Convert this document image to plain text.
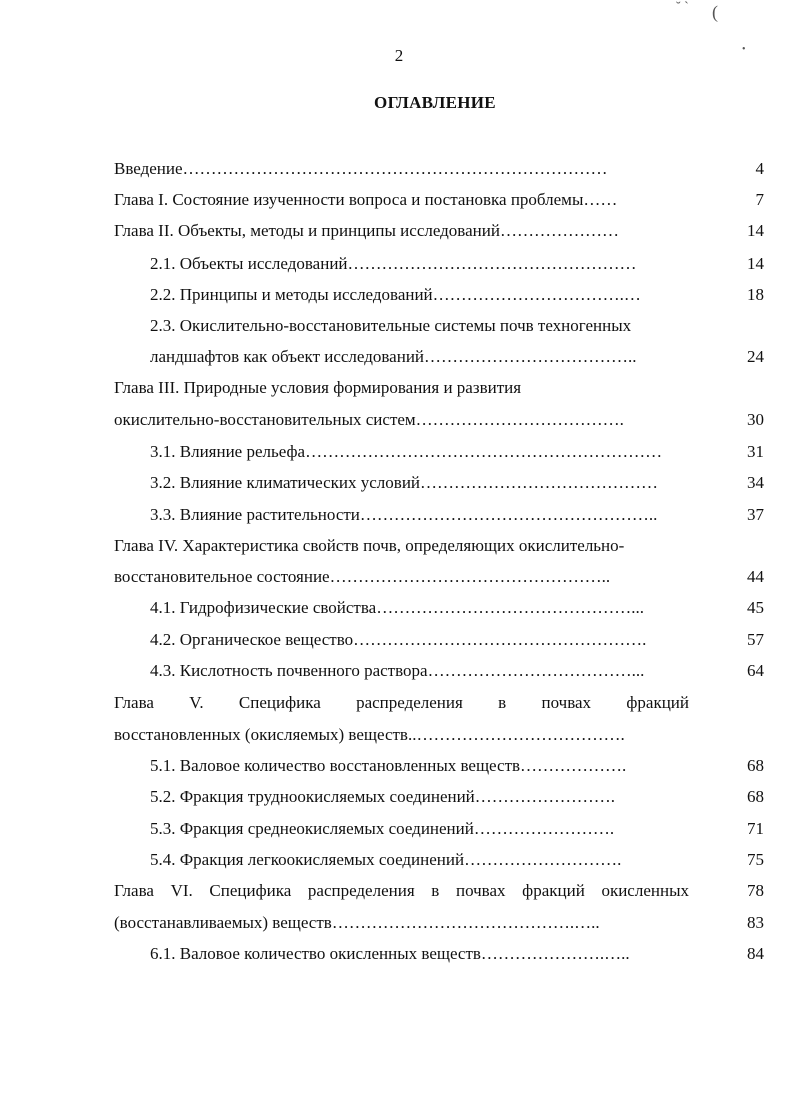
˘ ` (
•
2
ОГЛАВЛЕНИЕ
Введение…………………………………………………………………	4
Глава I. Состояние изученности вопроса и постановка проблемы……	7
Глава II. Объекты, методы и принципы исследований…………………	14
2.1. Объекты исследований……………………………………………	14
2.2. Принципы и методы исследований…………………………….…	18
2.3. Окислительно-восстановительные системы почв техногенных
ландшафтов как объект исследований………………………………..	24
Глава III. Природные условия формирования и развития
окислительно-восстановительных систем……………………………….	30
3.1. Влияние рельефа………………………………………………………	31
3.2. Влияние климатических условий……………………………………	34
3.3. Влияние растительности……………………………………………..	37
Глава IV. Характеристика свойств почв, определяющих окислительно-
восстановительное состояние…………………………………………..	44
4.1. Гидрофизические свойства………………………………………...	45
4.2. Органическое вещество…………………………………………….	57
4.3. Кислотность почвенного раствора………………………………...	64
Глава V. Специфика распределения в почвах фракций
восстановленных (окисляемых) веществ..……………………………….
5.1. Валовое количество восстановленных веществ……………….	68
5.2. Фракция трудноокисляемых соединений…………………….	68
5.3. Фракция среднеокисляемых соединений…………………….	71
5.4. Фракция легкоокисляемых соединений……………………….	75
Глава VI. Специфика распределения в почвах фракций окисленных	78
(восстанавливаемых) веществ…………………………………….…..	83
6.1. Валовое количество окисленных веществ………………….…..	84
